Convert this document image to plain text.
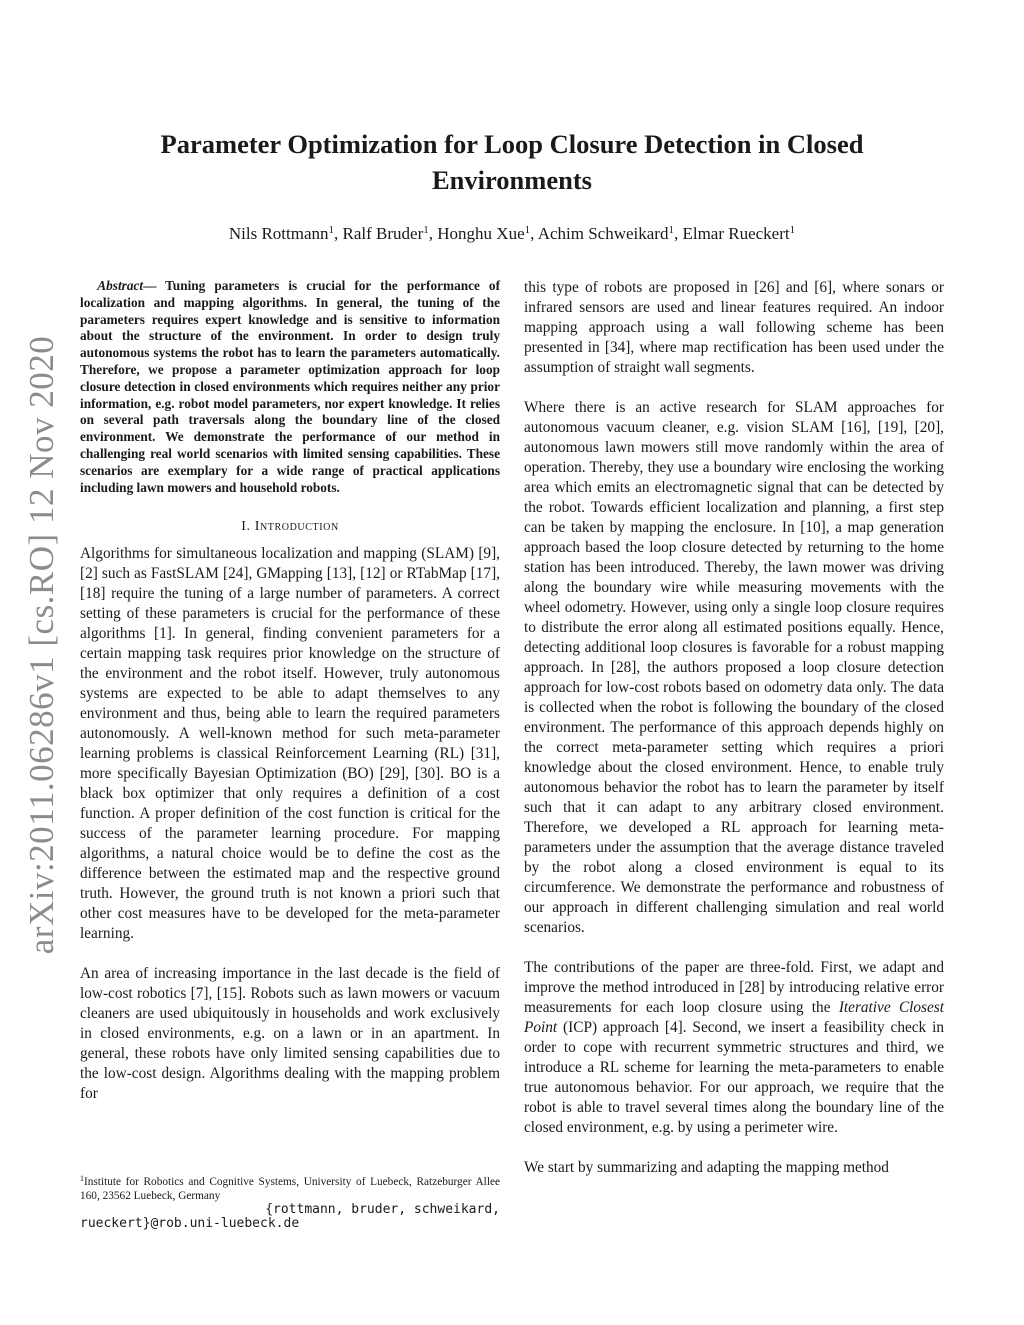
arXiv:2011.06286v1 [cs.RO] 12 Nov 2020
Parameter Optimization for Loop Closure Detection in Closed Environments
Nils Rottmann$^1$, Ralf Bruder$^1$, Honghu Xue$^1$, Achim Schweikard$^1$, Elmar Rueckert$^1$

Abstract— Tuning parameters is crucial for the performance of localization and mapping algorithms. In general, the tuning of the parameters requires expert knowledge and is sensitive to information about the structure of the environment. In order to design truly autonomous systems the robot has to learn the parameters automatically. Therefore, we propose a parameter optimization approach for loop closure detection in closed environments which requires neither any prior information, e.g. robot model parameters, nor expert knowledge. It relies on several path traversals along the boundary line of the closed environment. We demonstrate the performance of our method in challenging real world scenarios with limited sensing capabilities. These scenarios are exemplary for a wide range of practical applications including lawn mowers and household robots.

I. Introduction

Algorithms for simultaneous localization and mapping (SLAM) [9], [2] such as FastSLAM [24], GMapping [13], [12] or RTabMap [17], [18] require the tuning of a large number of parameters. A correct setting of these parameters is crucial for the performance of these algorithms [1]. In general, finding convenient parameters for a certain mapping task requires prior knowledge on the structure of the environment and the robot itself. However, truly autonomous systems are expected to be able to adapt themselves to any environment and thus, being able to learn the required parameters autonomously. A well-known method for such meta-parameter learning problems is classical Reinforcement Learning (RL) [31], more specifically Bayesian Optimization (BO) [29], [30]. BO is a black box optimizer that only requires a definition of a cost function. A proper definition of the cost function is critical for the success of the parameter learning procedure. For mapping algorithms, a natural choice would be to define the cost as the difference between the estimated map and the respective ground truth. However, the ground truth is not known a priori such that other cost measures have to be developed for the meta-parameter learning.

An area of increasing importance in the last decade is the field of low-cost robotics [7], [15]. Robots such as lawn mowers or vacuum cleaners are used ubiquitously in households and work exclusively in closed environments, e.g. on a lawn or in an apartment. In general, these robots have only limited sensing capabilities due to the low-cost design. Algorithms dealing with the mapping problem for

$^1$Institute for Robotics and Cognitive Systems, University of Luebeck, Ratzeburger Allee 160, 23562 Luebeck, Germany
{rottmann, bruder, schweikard,
rueckert}@rob.uni-luebeck.de

this type of robots are proposed in [26] and [6], where sonars or infrared sensors are used and linear features required. An indoor mapping approach using a wall following scheme has been presented in [34], where map rectification has been used under the assumption of straight wall segments.

Where there is an active research for SLAM approaches for autonomous vacuum cleaner, e.g. vision SLAM [16], [19], [20], autonomous lawn mowers still move randomly within the area of operation. Thereby, they use a boundary wire enclosing the working area which emits an electromagnetic signal that can be detected by the robot. Towards efficient localization and planning, a first step can be taken by mapping the enclosure. In [10], a map generation approach based the loop closure detected by returning to the home station has been introduced. Thereby, the lawn mower was driving along the boundary wire while measuring movements with the wheel odometry. However, using only a single loop closure requires to distribute the error along all estimated positions equally. Hence, detecting additional loop closures is favorable for a robust mapping approach. In [28], the authors proposed a loop closure detection approach for low-cost robots based on odometry data only. The data is collected when the robot is following the boundary of the closed environment. The performance of this approach depends highly on the correct meta-parameter setting which requires a priori knowledge about the closed environment. Hence, to enable truly autonomous behavior the robot has to learn the parameter by itself such that it can adapt to any arbitrary closed environment. Therefore, we developed a RL approach for learning meta-parameters under the assumption that the average distance traveled by the robot along a closed environment is equal to its circumference. We demonstrate the performance and robustness of our approach in different challenging simulation and real world scenarios.

The contributions of the paper are three-fold. First, we adapt and improve the method introduced in [28] by introducing relative error measurements for each loop closure using the Iterative Closest Point (ICP) approach [4]. Second, we insert a feasibility check in order to cope with recurrent symmetric structures and third, we introduce a RL scheme for learning the meta-parameters to enable true autonomous behavior. For our approach, we require that the robot is able to travel several times along the boundary line of the closed environment, e.g. by using a perimeter wire.

We start by summarizing and adapting the mapping method
